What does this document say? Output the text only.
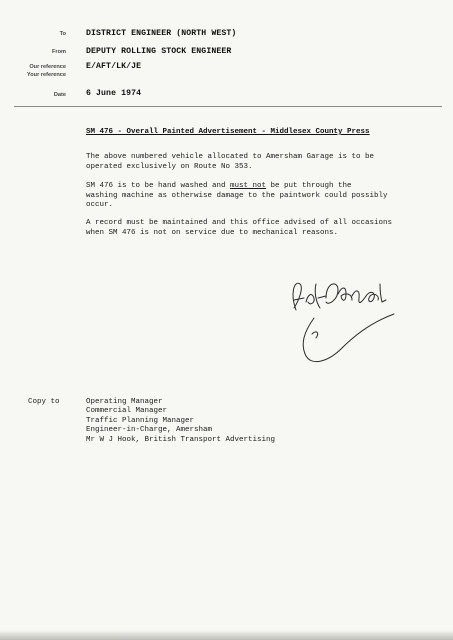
To DISTRICT ENGINEER (NORTH WEST)
From DEPUTY ROLLING STOCK ENGINEER
Our reference E/AFT/LK/JE
Your reference
Date 6 June 1974
SM 476 - Overall Painted Advertisement - Middlesex County Press
The above numbered vehicle allocated to Amersham Garage is to be
operated exclusively on Route No 353.
SM 476 is to be hand washed and must not be put through the
washing machine as otherwise damage to the paintwork could possibly
occur.
A record must be maintained and this office advised of all occasions
when SM 476 is not on service due to mechanical reasons.
Copy to	Operating Manager
Commercial Manager
Traffic Planning Manager
Engineer-in-Charge, Amersham
Mr W J Hook, British Transport Advertising
